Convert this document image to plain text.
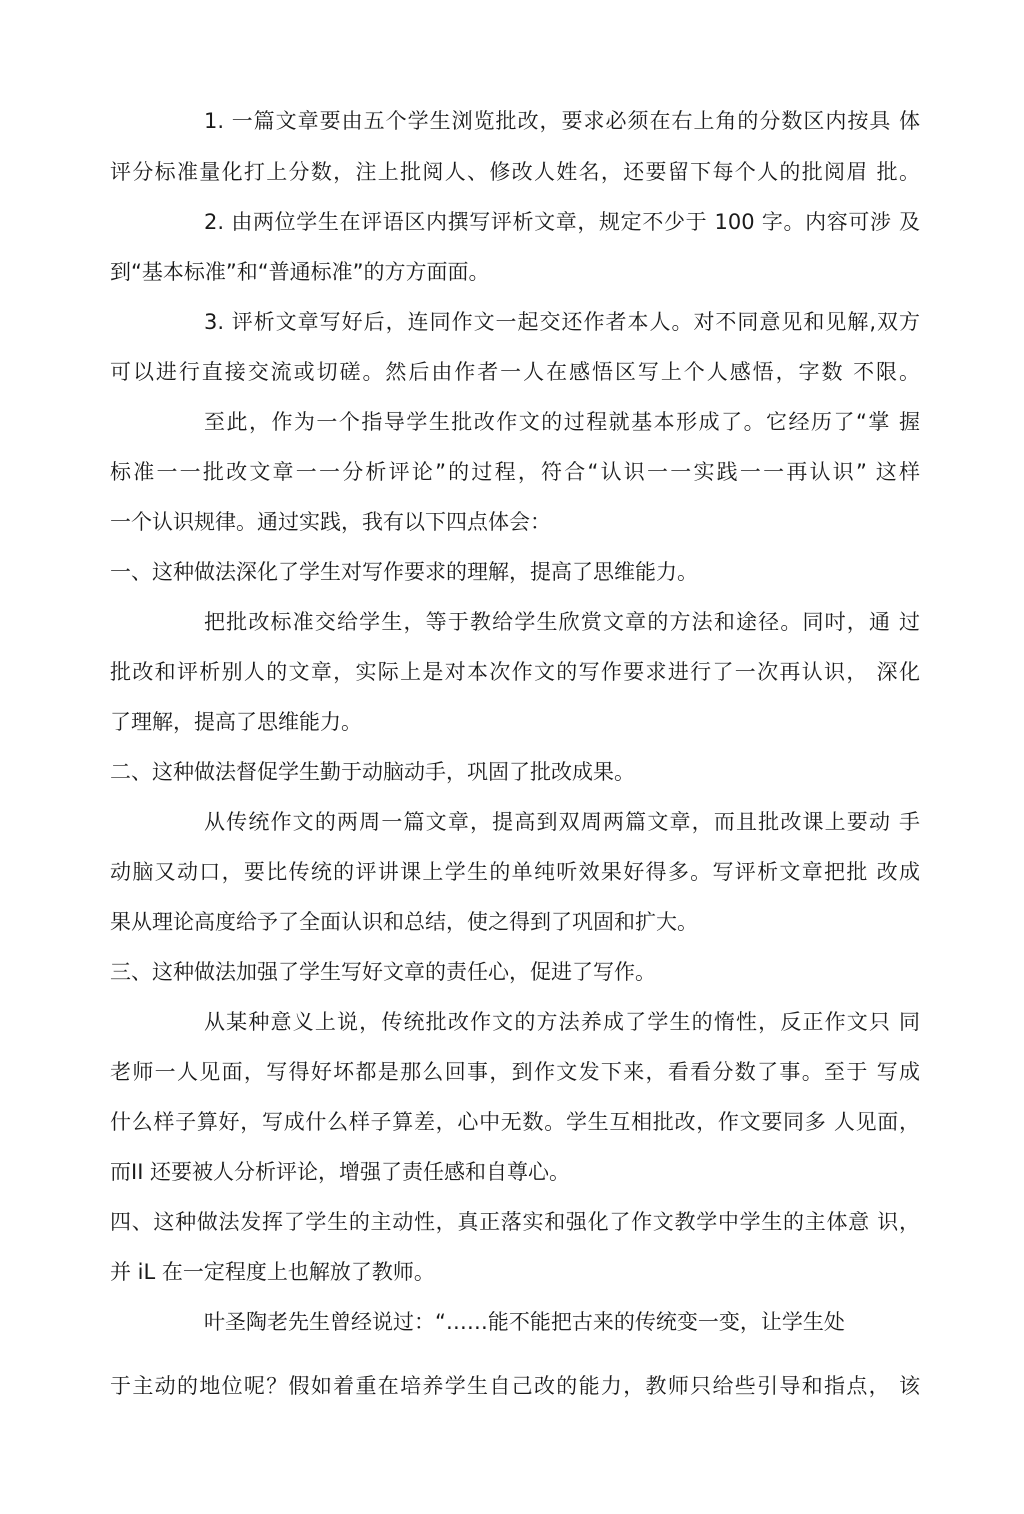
1. 一篇文章要由五个学生浏览批改，要求必须在右上角的分数区内按具 体
评分标准量化打上分数，注上批阅人、修改人姓名，还要留下每个人的批阅眉 批。
2. 由两位学生在评语区内撰写评析文章，规定不少于 100 字。内容可涉 及
到“基本标准”和“普通标准”的方方面面。
3. 评析文章写好后，连同作文一起交还作者本人。对不同意见和见解,双方
可以进行直接交流或切磋。然后由作者一人在感悟区写上个人感悟，字数 不限。
至此，作为一个指导学生批改作文的过程就基本形成了。它经历了“掌 握
标准一一批改文章一一分析评论”的过程，符合“认识一一实践一一再认识” 这样
一个认识规律。通过实践，我有以下四点体会：
一、这种做法深化了学生对写作要求的理解，提高了思维能力。
把批改标准交给学生，等于教给学生欣赏文章的方法和途径。同吋，通 过
批改和评析别人的文章，实际上是对本次作文的写作要求进行了一次再认识， 深化
了理解，提高了思维能力。
二、这种做法督促学生勤于动脑动手，巩固了批改成果。
从传统作文的两周一篇文章，提高到双周两篇文章，而且批改课上要动 手
动脑又动口，要比传统的评讲课上学生的单纯听效果好得多。写评析文章把批 改成
果从理论高度给予了全面认识和总结，使之得到了巩固和扩大。
三、这种做法加强了学生写好文章的责任心，促进了写作。
从某种意义上说，传统批改作文的方法养成了学生的惰性，反正作文只 同
老师一人见面，写得好坏都是那么回事，到作文发下来，看看分数了事。至于 写成
什么样子算好，写成什么样子算差，心中无数。学生互相批改，作文要同多 人见面，
而II 还要被人分析评论，增强了责任感和自尊心。
四、这种做法发挥了学生的主动性，真正落实和强化了作文教学中学生的主体意 识，
并 iL 在一定程度上也解放了教师。
叶圣陶老先生曾经说过：“……能不能把古来的传统变一变，让学生处
于主动的地位呢？假如着重在培养学生自己改的能力，教师只给些引导和指点， 该
